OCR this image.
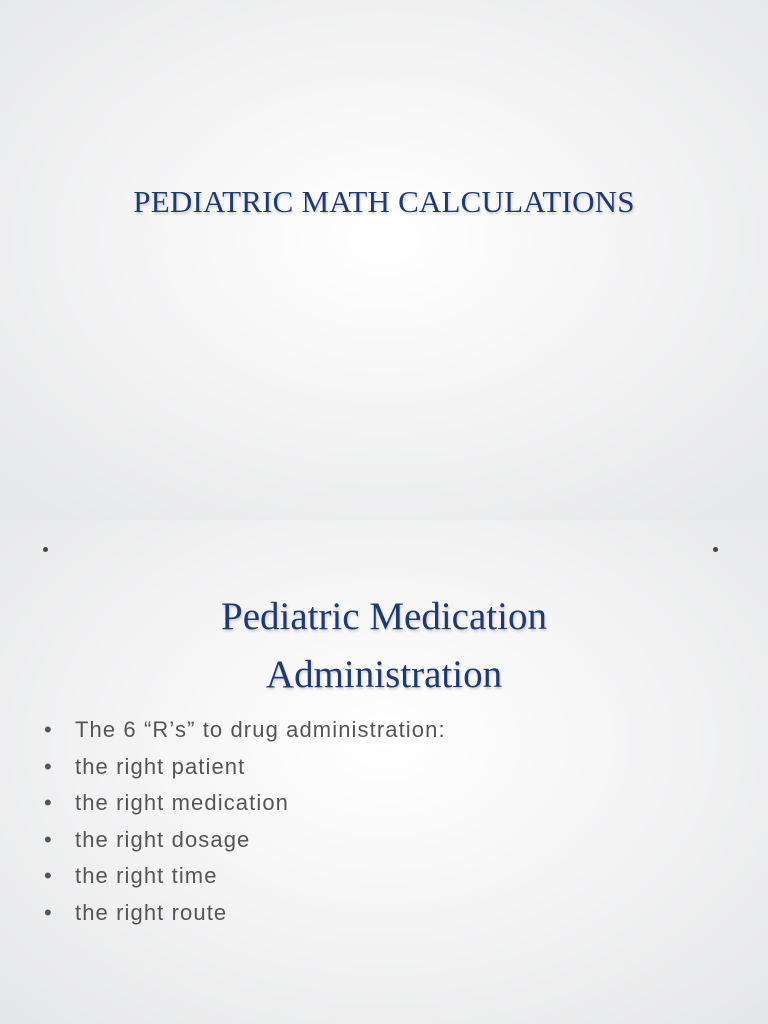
PEDIATRIC MATH CALCULATIONS
Pediatric Medication
Administration
• The 6 “R’s” to drug administration:
• the right patient
• the right medication
• the right dosage
• the right time
• the right route
